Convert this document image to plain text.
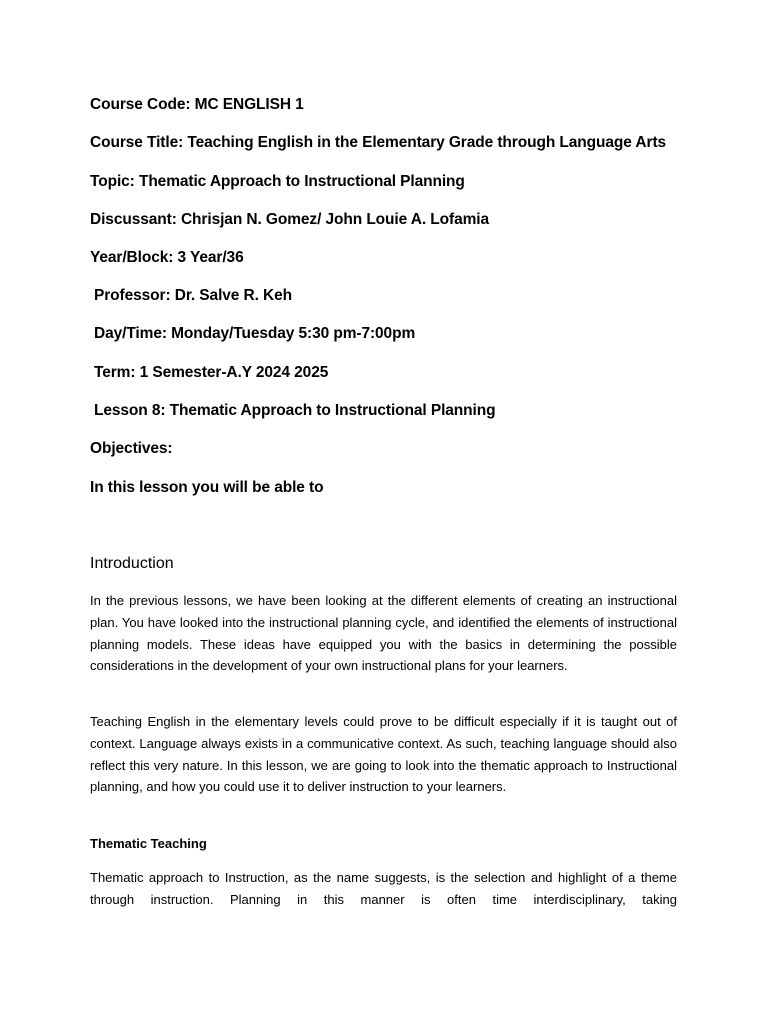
Course Code: MC ENGLISH 1
Course Title: Teaching English in the Elementary Grade through Language Arts
Topic: Thematic Approach to Instructional Planning
Discussant: Chrisjan N. Gomez/ John Louie A. Lofamia
Year/Block: 3 Year/36
Professor: Dr. Salve R. Keh
Day/Time: Monday/Tuesday 5:30 pm-7:00pm
Term: 1 Semester-A.Y 2024 2025
Lesson 8: Thematic Approach to Instructional Planning
Objectives:
In this lesson you will be able to
Introduction
In the previous lessons, we have been looking at the different elements of creating an instructional plan. You have looked into the instructional planning cycle, and identified the elements of instructional planning models. These ideas have equipped you with the basics in determining the possible considerations in the development of your own instructional plans for your learners.
Teaching English in the elementary levels could prove to be difficult especially if it is taught out of context. Language always exists in a communicative context. As such, teaching language should also reflect this very nature. In this lesson, we are going to look into the thematic approach to Instructional planning, and how you could use it to deliver instruction to your learners.
Thematic Teaching
Thematic approach to Instruction, as the name suggests, is the selection and highlight of a theme through instruction. Planning in this manner is often time interdisciplinary, taking
